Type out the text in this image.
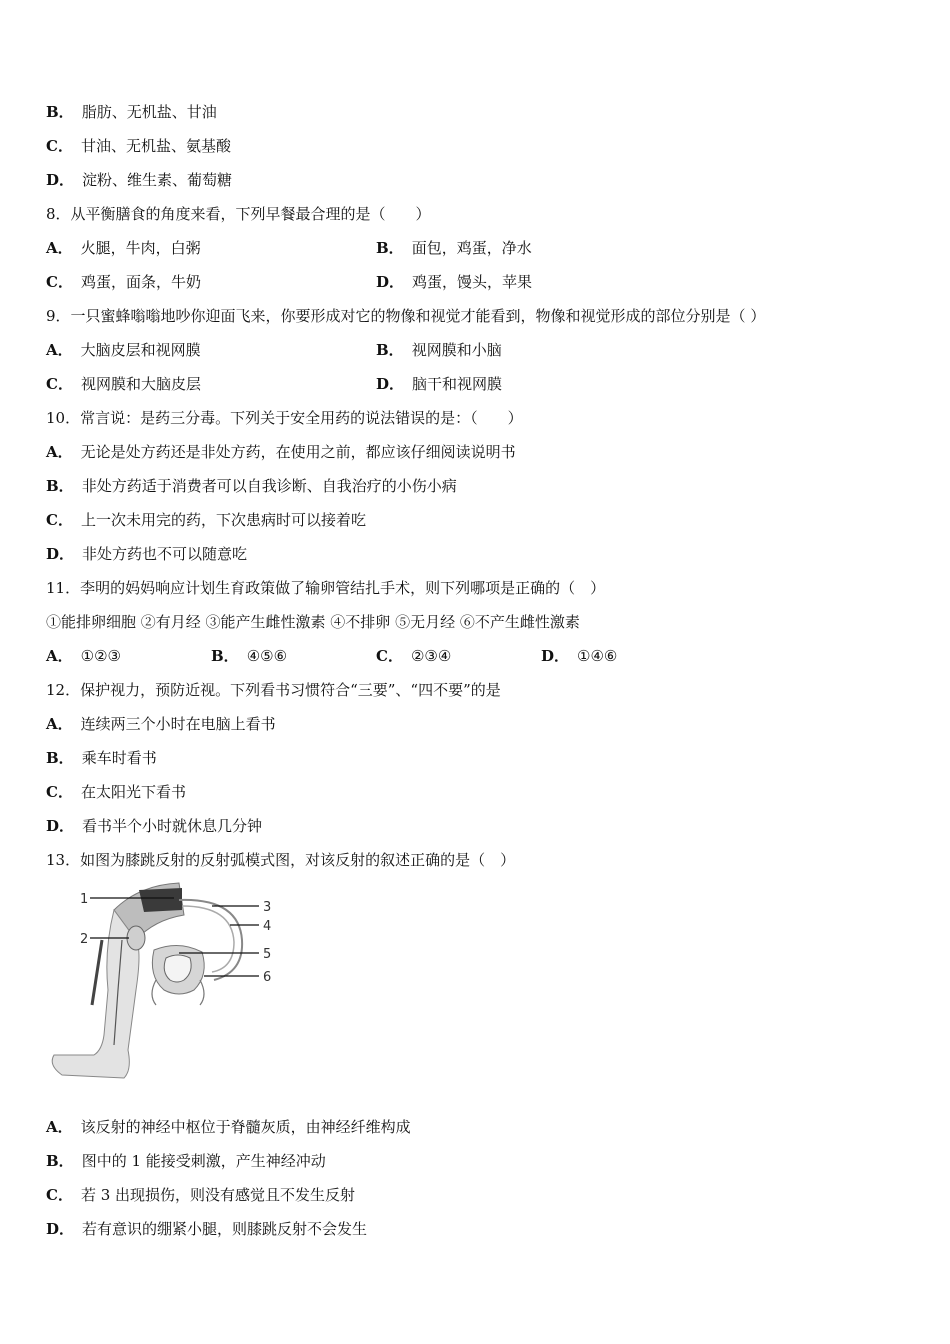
B． 脂肪、无机盐、甘油
C． 甘油、无机盐、氨基酸
D． 淀粉、维生素、葡萄糖
8．从平衡膳食的角度来看，下列早餐最合理的是（　　）
A． 火腿，牛肉，白粥	B． 面包，鸡蛋，净水
C． 鸡蛋，面条，牛奶	D． 鸡蛋，馒头，苹果
9．一只蜜蜂嗡嗡地吵你迎面飞来，你要形成对它的物像和视觉才能看到，物像和视觉形成的部位分别是（ ）
A． 大脑皮层和视网膜	B． 视网膜和小脑
C． 视网膜和大脑皮层	D． 脑干和视网膜
10．常言说：是药三分毒。下列关于安全用药的说法错误的是：（　　）
A． 无论是处方药还是非处方药，在使用之前，都应该仔细阅读说明书
B． 非处方药适于消费者可以自我诊断、自我治疗的小伤小病
C． 上一次未用完的药，下次患病时可以接着吃
D． 非处方药也不可以随意吃
11．李明的妈妈响应计划生育政策做了输卵管结扎手术，则下列哪项是正确的（　）
①能排卵细胞 ②有月经 ③能产生雌性激素 ④不排卵 ⑤无月经 ⑥不产生雌性激素
A． ①②③	B． ④⑤⑥	C． ②③④	D． ①④⑥
12．保护视力，预防近视。下列看书习惯符合“三要”、“四不要”的是
A． 连续两三个小时在电脑上看书
B． 乘车时看书
C． 在太阳光下看书
D． 看书半个小时就休息几分钟
13．如图为膝跳反射的反射弧模式图，对该反射的叙述正确的是（　）
1
2
3
4
5
6
A． 该反射的神经中枢位于脊髓灰质，由神经纤维构成
B． 图中的 1 能接受刺激，产生神经冲动
C． 若 3 出现损伤，则没有感觉且不发生反射
D． 若有意识的绷紧小腿，则膝跳反射不会发生
